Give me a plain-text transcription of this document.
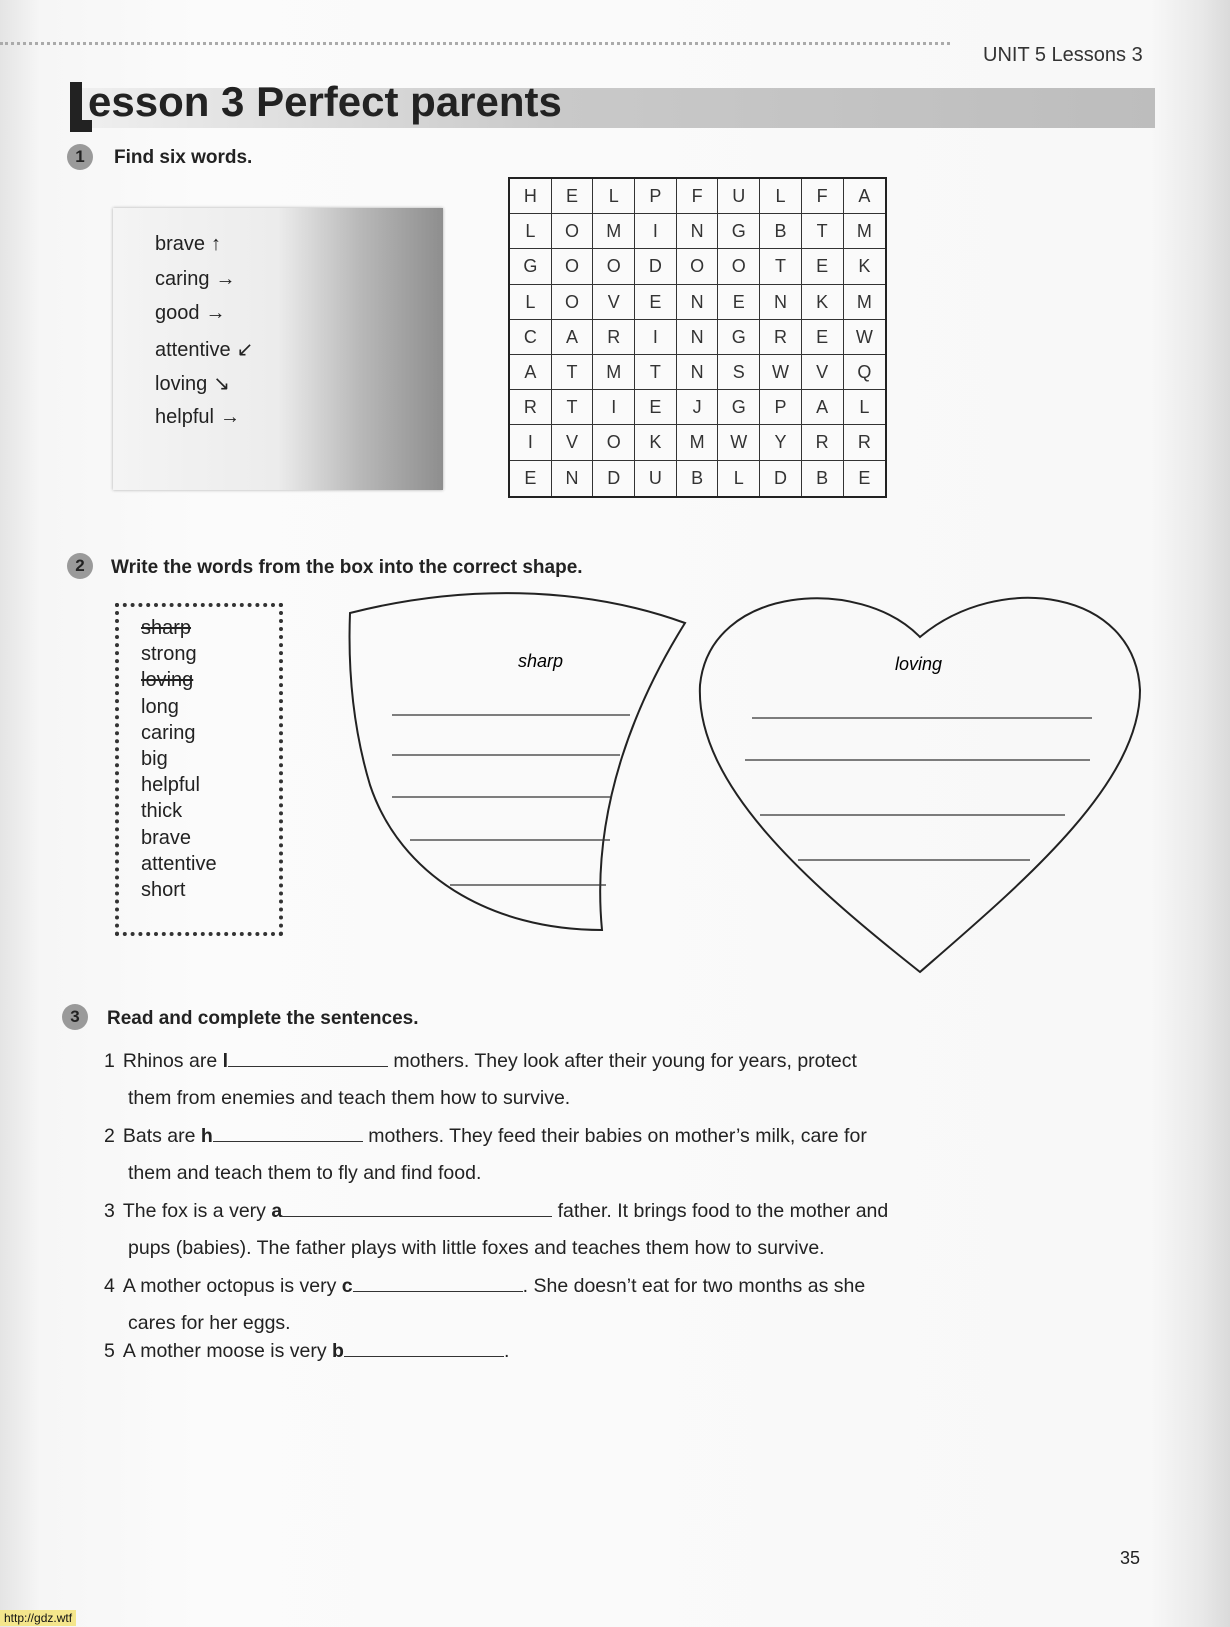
UNIT 5 Lessons 3
esson 3 Perfect parents
1	Find six words.
brave ↑
caring →
good →
attentive ↙
loving ↘
helpful →
H	E	L	P	F	U	L	F	A
L	O	M	I	N	G	B	T	M
G	O	O	D	O	O	T	E	K
L	O	V	E	N	E	N	K	M
C	A	R	I	N	G	R	E	W
A	T	M	T	N	S	W	V	Q
R	T	I	E	J	G	P	A	L
I	V	O	K	M	W	Y	R	R
E	N	D	U	B	L	D	B	E
2	Write the words from the box into the correct shape.
sharp
strong
loving
long
caring
big
helpful
thick
brave
attentive
short
sharp	loving
3	Read and complete the sentences.
1 Rhinos are l	mothers. They look after their young for years, protect
them from enemies and teach them how to survive.
2 Bats are h	mothers. They feed their babies on mother’s milk, care for
them and teach them to fly and find food.
3 The fox is a very a	father. It brings food to the mother and
pups (babies). The father plays with little foxes and teaches them how to survive.
4 A mother octopus is very c	. She doesn’t eat for two months as she
cares for her eggs.
5 A mother moose is very b	.
35
http://gdz.wtf
